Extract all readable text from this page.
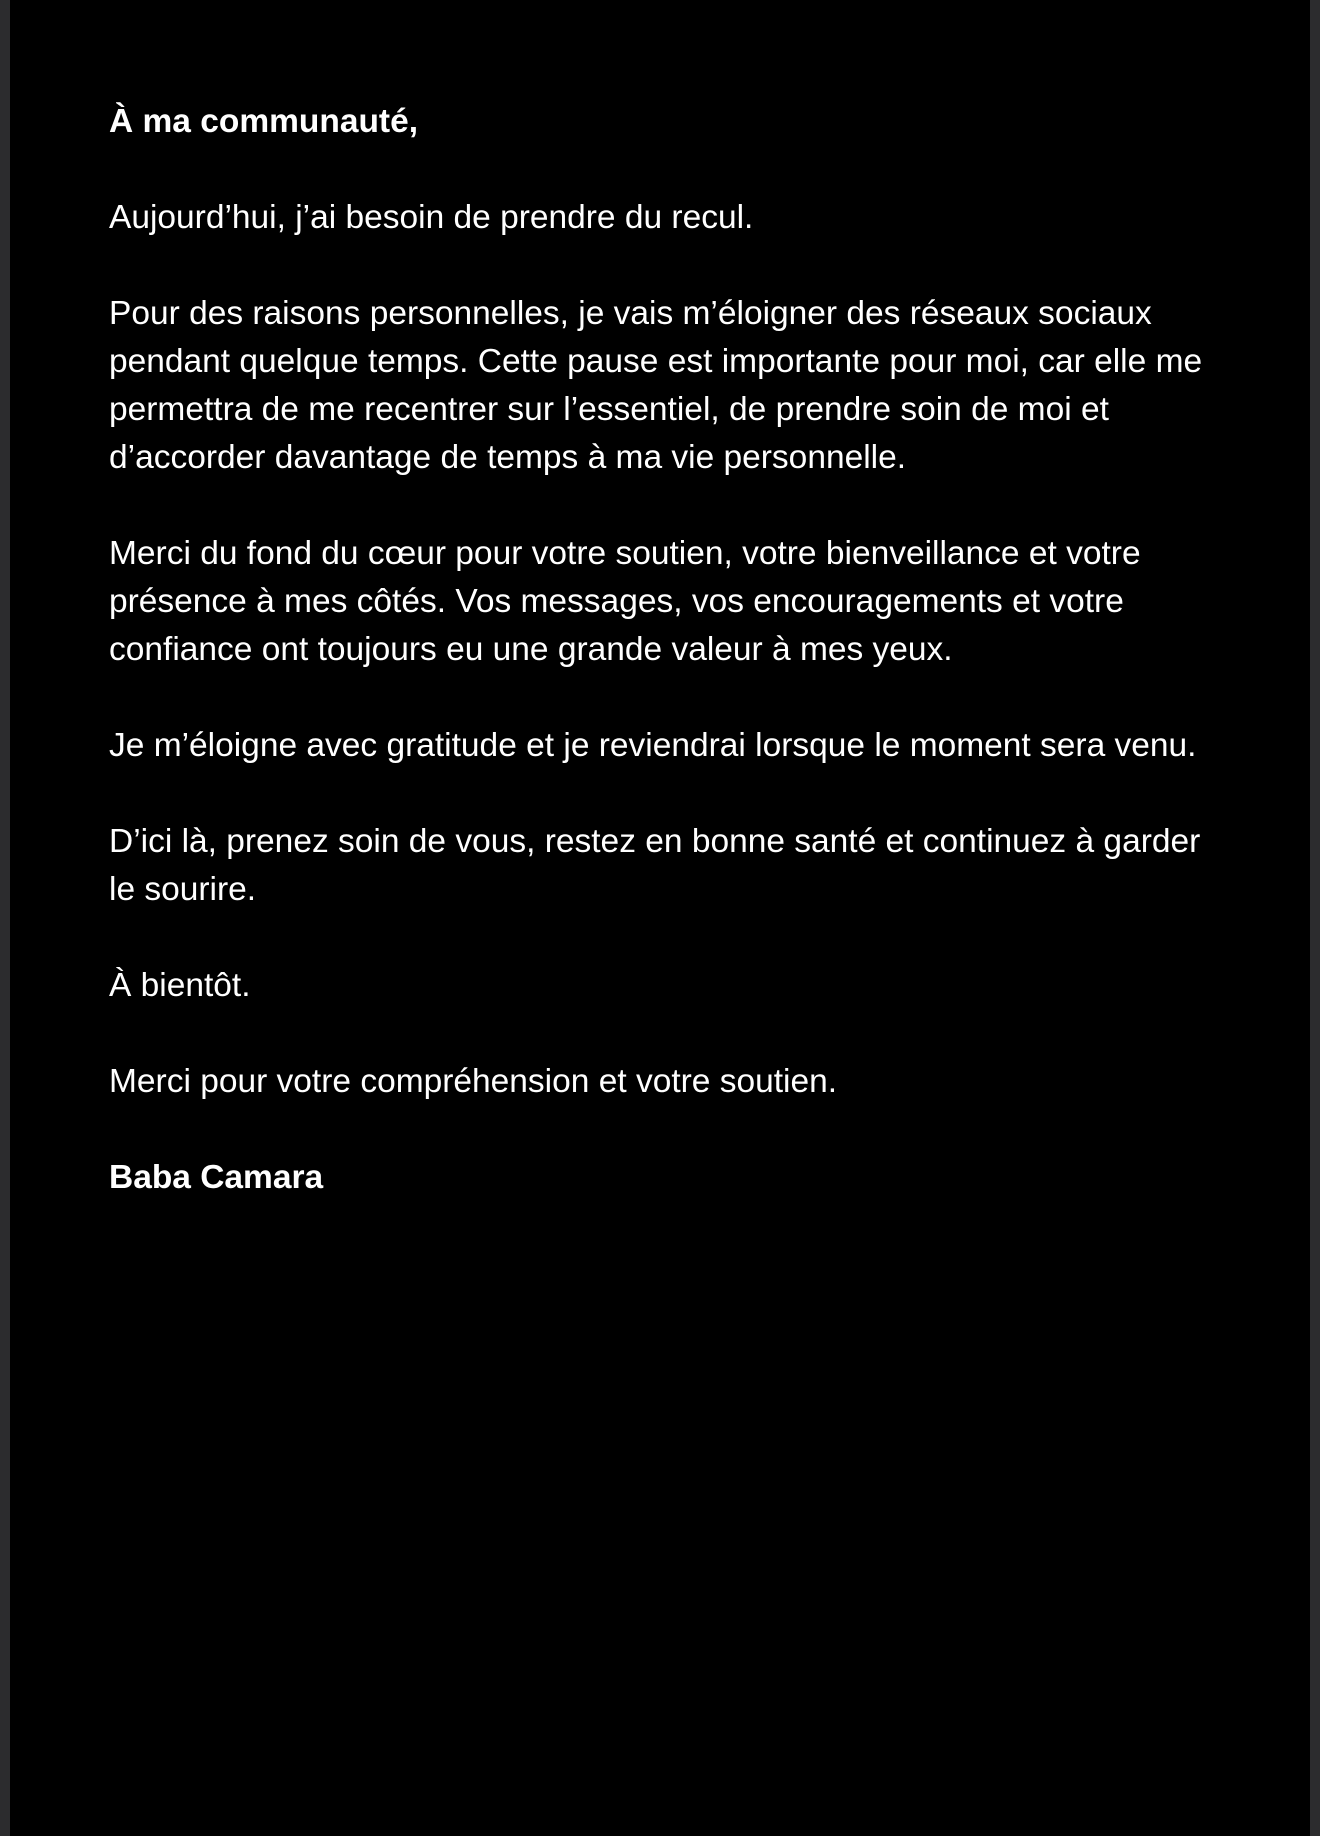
À ma communauté,

Aujourd’hui, j’ai besoin de prendre du recul.

Pour des raisons personnelles, je vais m’éloigner des réseaux sociaux pendant quelque temps. Cette pause est importante pour moi, car elle me permettra de me recentrer sur l’essentiel, de prendre soin de moi et d’accorder davantage de temps à ma vie personnelle.

Merci du fond du cœur pour votre soutien, votre bienveillance et votre présence à mes côtés. Vos messages, vos encouragements et votre confiance ont toujours eu une grande valeur à mes yeux.

Je m’éloigne avec gratitude et je reviendrai lorsque le moment sera venu.

D’ici là, prenez soin de vous, restez en bonne santé et continuez à garder le sourire.

À bientôt.

Merci pour votre compréhension et votre soutien.

Baba Camara
